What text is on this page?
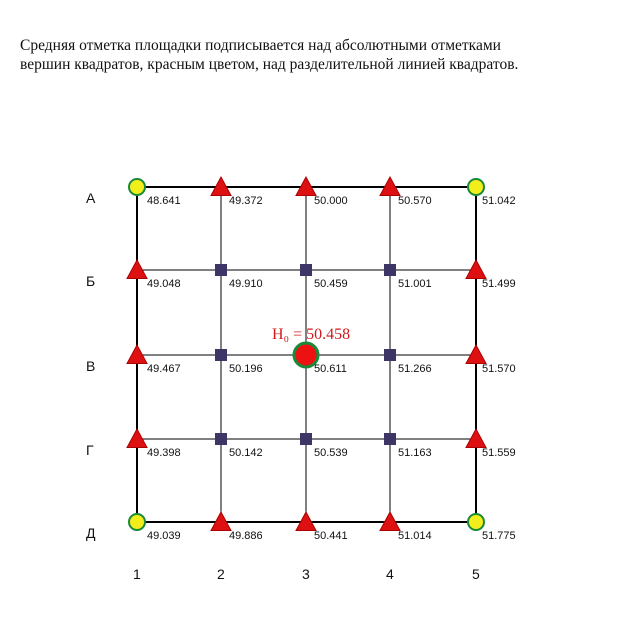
Средняя отметка площадки подписывается над абсолютными отметками
вершин квадратов, красным цветом, над разделительной линией квадратов.
48.641	49.372	50.000	50.570	51.042
49.048	49.910	50.459	51.001	51.499
49.467	50.196	50.611	51.266	51.570
49.398	50.142	50.539	51.163	51.559
49.039	49.886	50.441	51.014	51.775
А
Б
В
Г
Д
1	2	3	4	5
H₀ = 50.458
